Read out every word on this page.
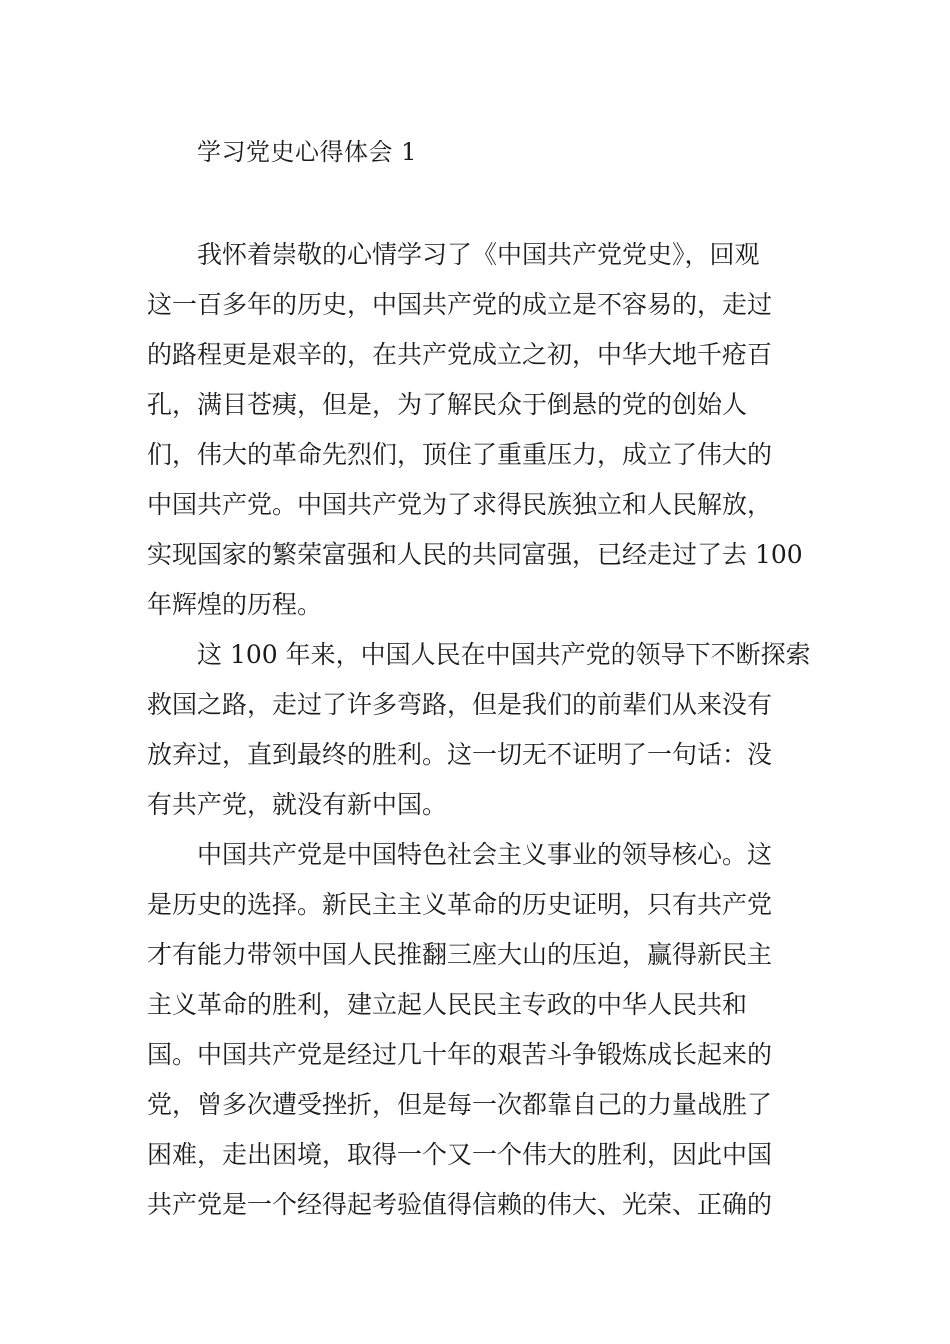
学习党史心得体会 1
我怀着崇敬的心情学习了《中国共产党党史》，回观
这一百多年的历史，中国共产党的成立是不容易的，走过
的路程更是艰辛的，在共产党成立之初，中华大地千疮百
孔，满目苍痍，但是，为了解民众于倒悬的党的创始人
们，伟大的革命先烈们，顶住了重重压力，成立了伟大的
中国共产党。中国共产党为了求得民族独立和人民解放，
实现国家的繁荣富强和人民的共同富强，已经走过了去 100
年辉煌的历程。
这 100 年来，中国人民在中国共产党的领导下不断探索
救国之路，走过了许多弯路，但是我们的前辈们从来没有
放弃过，直到最终的胜利。这一切无不证明了一句话：没
有共产党，就没有新中国。
中国共产党是中国特色社会主义事业的领导核心。这
是历史的选择。新民主主义革命的历史证明，只有共产党
才有能力带领中国人民推翻三座大山的压迫，赢得新民主
主义革命的胜利，建立起人民民主专政的中华人民共和
国。中国共产党是经过几十年的艰苦斗争锻炼成长起来的
党，曾多次遭受挫折，但是每一次都靠自己的力量战胜了
困难，走出困境，取得一个又一个伟大的胜利，因此中国
共产党是一个经得起考验值得信赖的伟大、光荣、正确的
